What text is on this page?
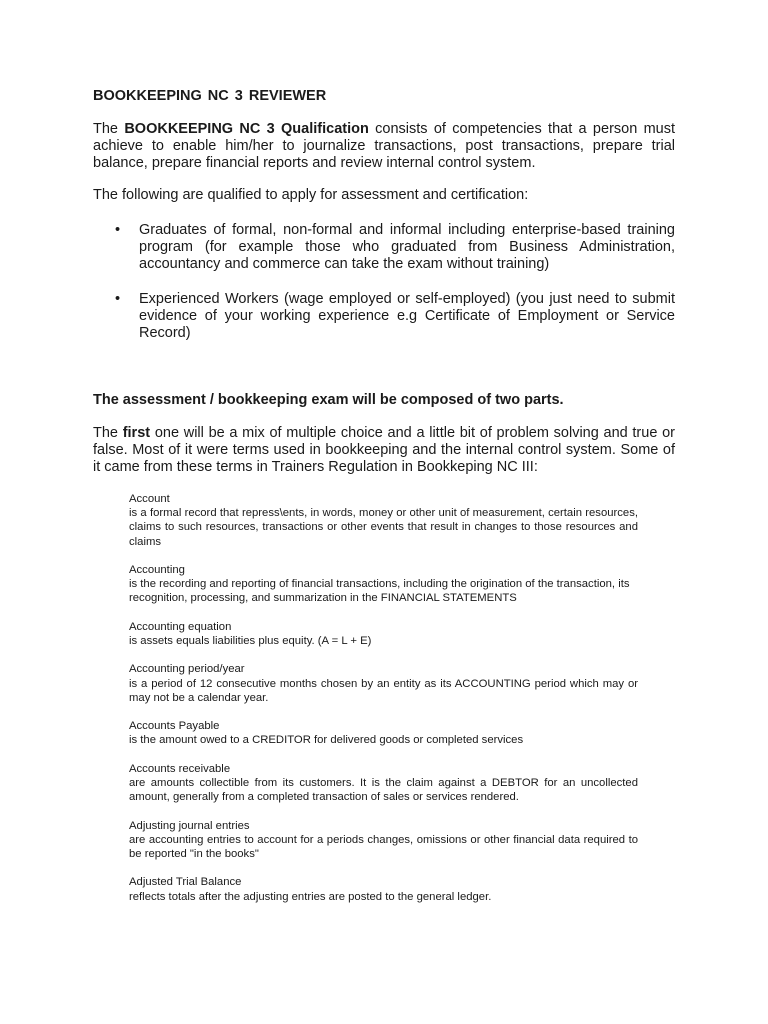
BOOKKEEPING NC 3 REVIEWER
The BOOKKEEPING NC 3 Qualification consists of competencies that a person must achieve to enable him/her to journalize transactions, post transactions, prepare trial balance, prepare financial reports and review internal control system.
The following are qualified to apply for assessment and certification:
• Graduates of formal, non-formal and informal including enterprise-based training program (for example those who graduated from Business Administration, accountancy and commerce can take the exam without training)
• Experienced Workers (wage employed or self-employed) (you just need to submit evidence of your working experience e.g Certificate of Employment or Service Record)
The assessment / bookkeeping exam will be composed of two parts.
The first one will be a mix of multiple choice and a little bit of problem solving and true or false. Most of it were terms used in bookkeeping and the internal control system. Some of it came from these terms in Trainers Regulation in Bookkeping NC III:
Account
is a formal record that repress\ents, in words, money or other unit of measurement, certain resources, claims to such resources, transactions or other events that result in changes to those resources and claims
Accounting
is the recording and reporting of financial transactions, including the origination of the transaction, its
recognition, processing, and summarization in the FINANCIAL STATEMENTS
Accounting equation
is assets equals liabilities plus equity. (A = L + E)
Accounting period/year
is a period of 12 consecutive months chosen by an entity as its ACCOUNTING period which may or may not be a calendar year.
Accounts Payable
is the amount owed to a CREDITOR for delivered goods or completed services
Accounts receivable
are amounts collectible from its customers. It is the claim against a DEBTOR for an uncollected amount, generally from a completed transaction of sales or services rendered.
Adjusting journal entries
are accounting entries to account for a periods changes, omissions or other financial data required to be reported "in the books"
Adjusted Trial Balance
reflects totals after the adjusting entries are posted to the general ledger.
